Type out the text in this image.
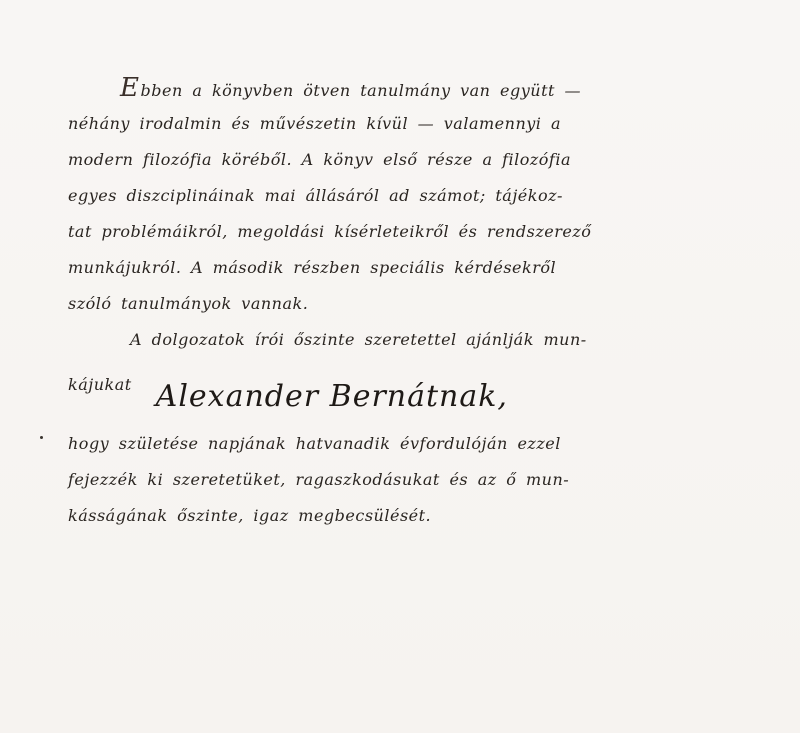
Ebben a könyvben ötven tanulmány van együtt —
néhány irodalmin és művészetin kívül — valamennyi a
modern filozófia köréből. A könyv első része a filozófia
egyes diszciplináinak mai állásáról ad számot; tájékoz-
tat problémáikról, megoldási kísérleteikről és rendszerező
munkájukról. A második részben speciális kérdésekről
szóló tanulmányok vannak.
A dolgozatok írói őszinte szeretettel ajánlják mun-
kájukat Alexander Bernátnak,
hogy születése napjának hatvanadik évfordulóján ezzel
fejezzék ki szeretetüket, ragaszkodásukat és az ő mun-
kásságának őszinte, igaz megbecsülését.
